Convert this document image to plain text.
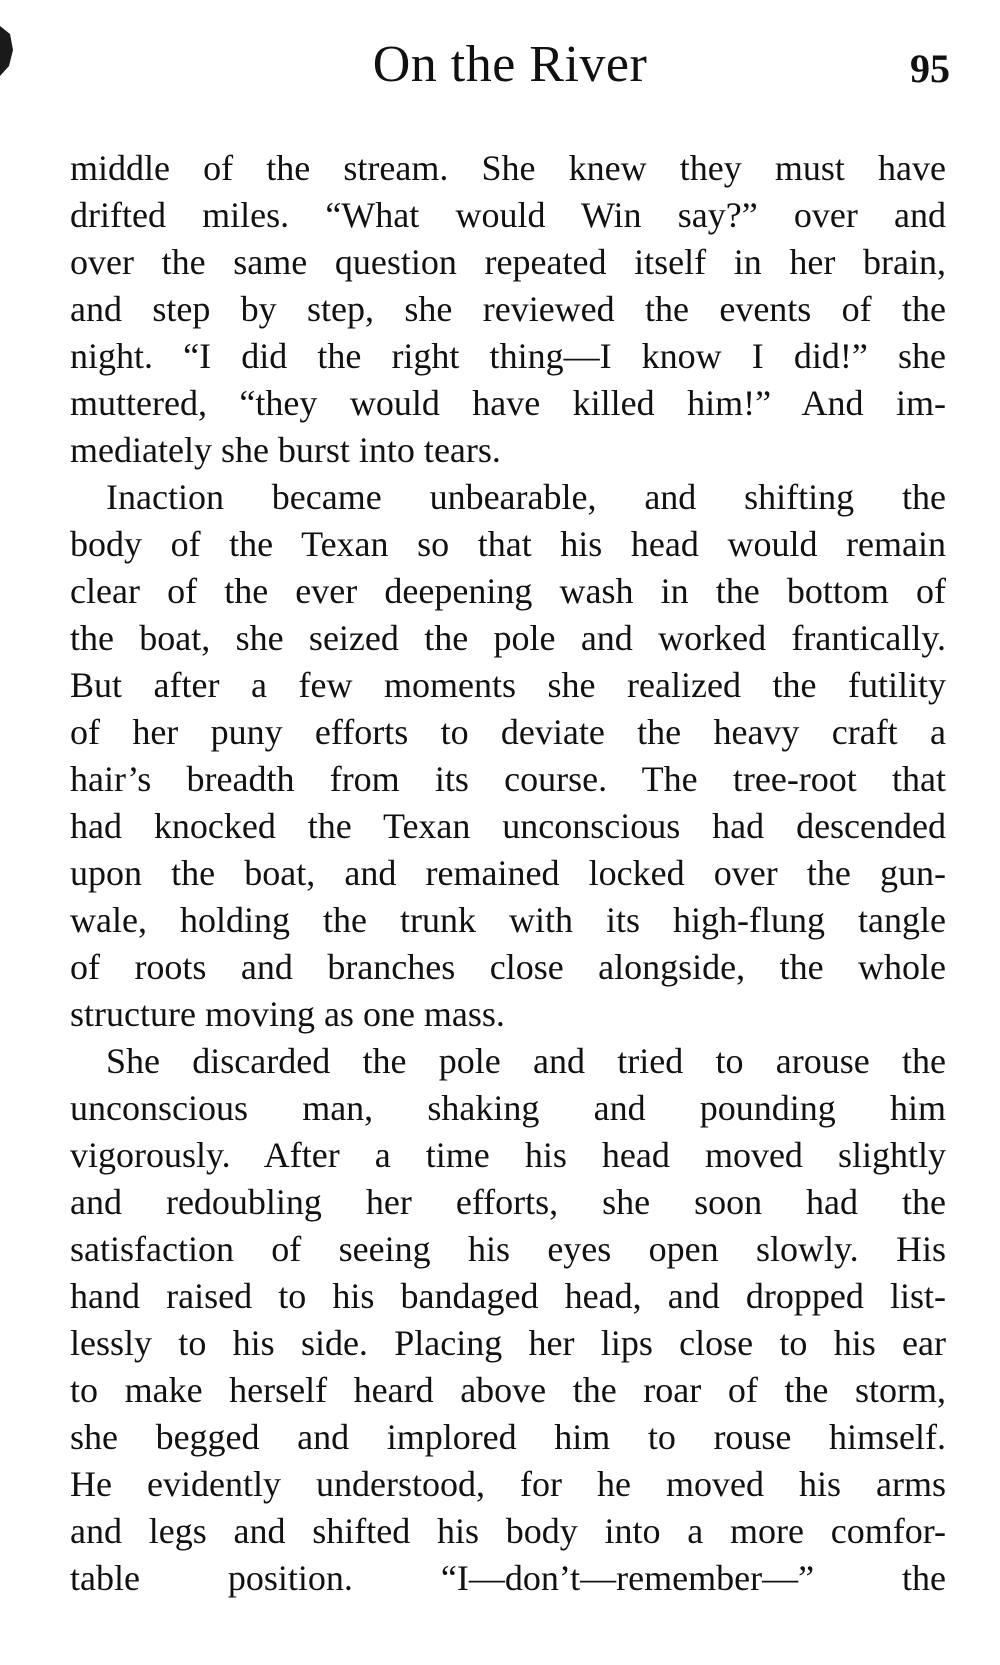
On the River	95
middle of the stream. She knew they must have
drifted miles. “What would Win say?” over and
over the same question repeated itself in her brain,
and step by step, she reviewed the events of the
night. “I did the right thing—I know I did!” she
muttered, “they would have killed him!” And im-
mediately she burst into tears.
Inaction became unbearable, and shifting the
body of the Texan so that his head would remain
clear of the ever deepening wash in the bottom of
the boat, she seized the pole and worked frantically.
But after a few moments she realized the futility
of her puny efforts to deviate the heavy craft a
hair’s breadth from its course. The tree-root that
had knocked the Texan unconscious had descended
upon the boat, and remained locked over the gun-
wale, holding the trunk with its high-flung tangle
of roots and branches close alongside, the whole
structure moving as one mass.
She discarded the pole and tried to arouse the
unconscious man, shaking and pounding him
vigorously. After a time his head moved slightly
and redoubling her efforts, she soon had the
satisfaction of seeing his eyes open slowly. His
hand raised to his bandaged head, and dropped list-
lessly to his side. Placing her lips close to his ear
to make herself heard above the roar of the storm,
she begged and implored him to rouse himself.
He evidently understood, for he moved his arms
and legs and shifted his body into a more comfor-
table position. “I—don’t—remember—” the
